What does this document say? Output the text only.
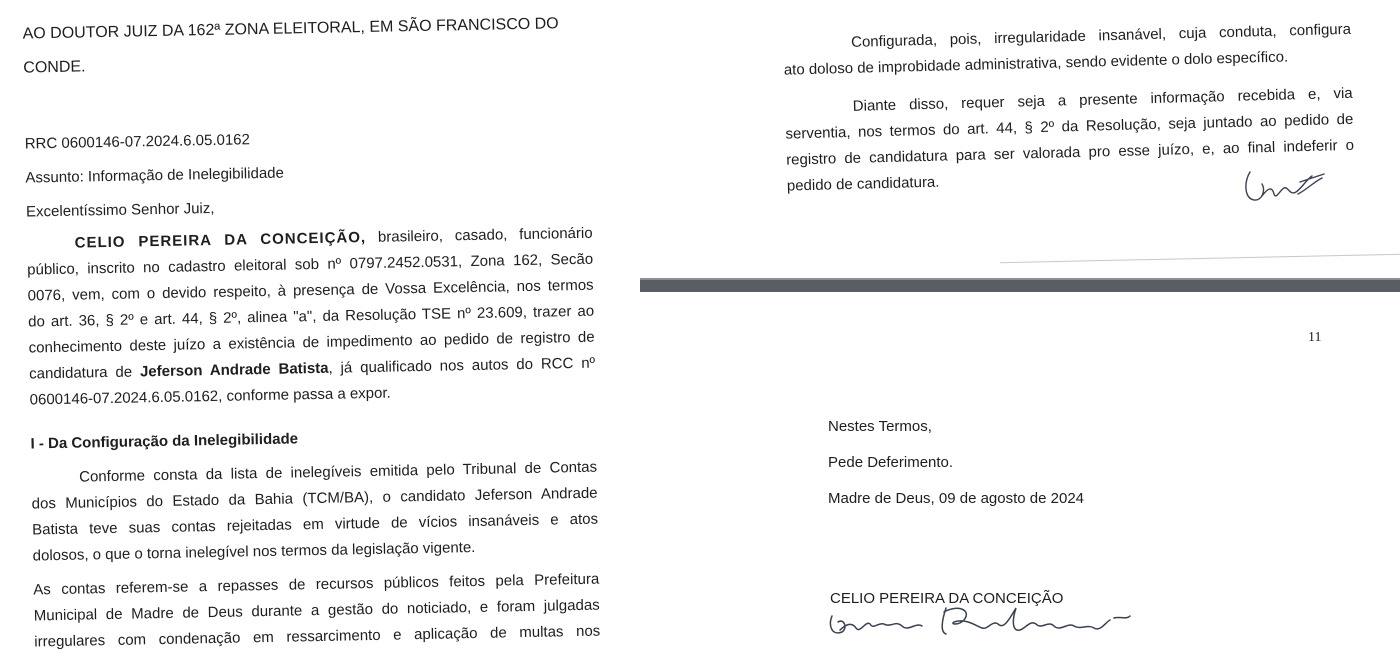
AO DOUTOR JUIZ DA 162ª ZONA ELEITORAL, EM SÃO FRANCISCO DO
CONDE.
RRC 0600146-07.2024.6.05.0162
Assunto: Informação de Inelegibilidade
Excelentíssimo Senhor Juiz,
CELIO PEREIRA DA CONCEIÇÃO, brasileiro, casado, funcionário
público, inscrito no cadastro eleitoral sob nº 0797.2452.0531, Zona 162, Secão
0076, vem, com o devido respeito, à presença de Vossa Excelência, nos termos
do art. 36, § 2º e art. 44, § 2º, alinea "a", da Resolução TSE nº 23.609, trazer ao
conhecimento deste juízo a existência de impedimento ao pedido de registro de
candidatura de Jeferson Andrade Batista, já qualificado nos autos do RCC nº
0600146-07.2024.6.05.0162, conforme passa a expor.
I - Da Configuração da Inelegibilidade
Conforme consta da lista de inelegíveis emitida pelo Tribunal de Contas
dos Municípios do Estado da Bahia (TCM/BA), o candidato Jeferson Andrade
Batista teve suas contas rejeitadas em virtude de vícios insanáveis e atos
dolosos, o que o torna inelegível nos termos da legislação vigente.
As contas referem-se a repasses de recursos públicos feitos pela Prefeitura
Municipal de Madre de Deus durante a gestão do noticiado, e foram julgadas
irregulares com condenação em ressarcimento e aplicação de multas nos
Configurada, pois, irregularidade insanável, cuja conduta, configura
ato doloso de improbidade administrativa, sendo evidente o dolo específico.
Diante disso, requer seja a presente informação recebida e, via
serventia, nos termos do art. 44, § 2º da Resolução, seja juntado ao pedido de
registro de candidatura para ser valorada pro esse juízo, e, ao final indeferir o
pedido de candidatura.
11
Nestes Termos,
Pede Deferimento.
Madre de Deus, 09 de agosto de 2024
CELIO PEREIRA DA CONCEIÇÃO
